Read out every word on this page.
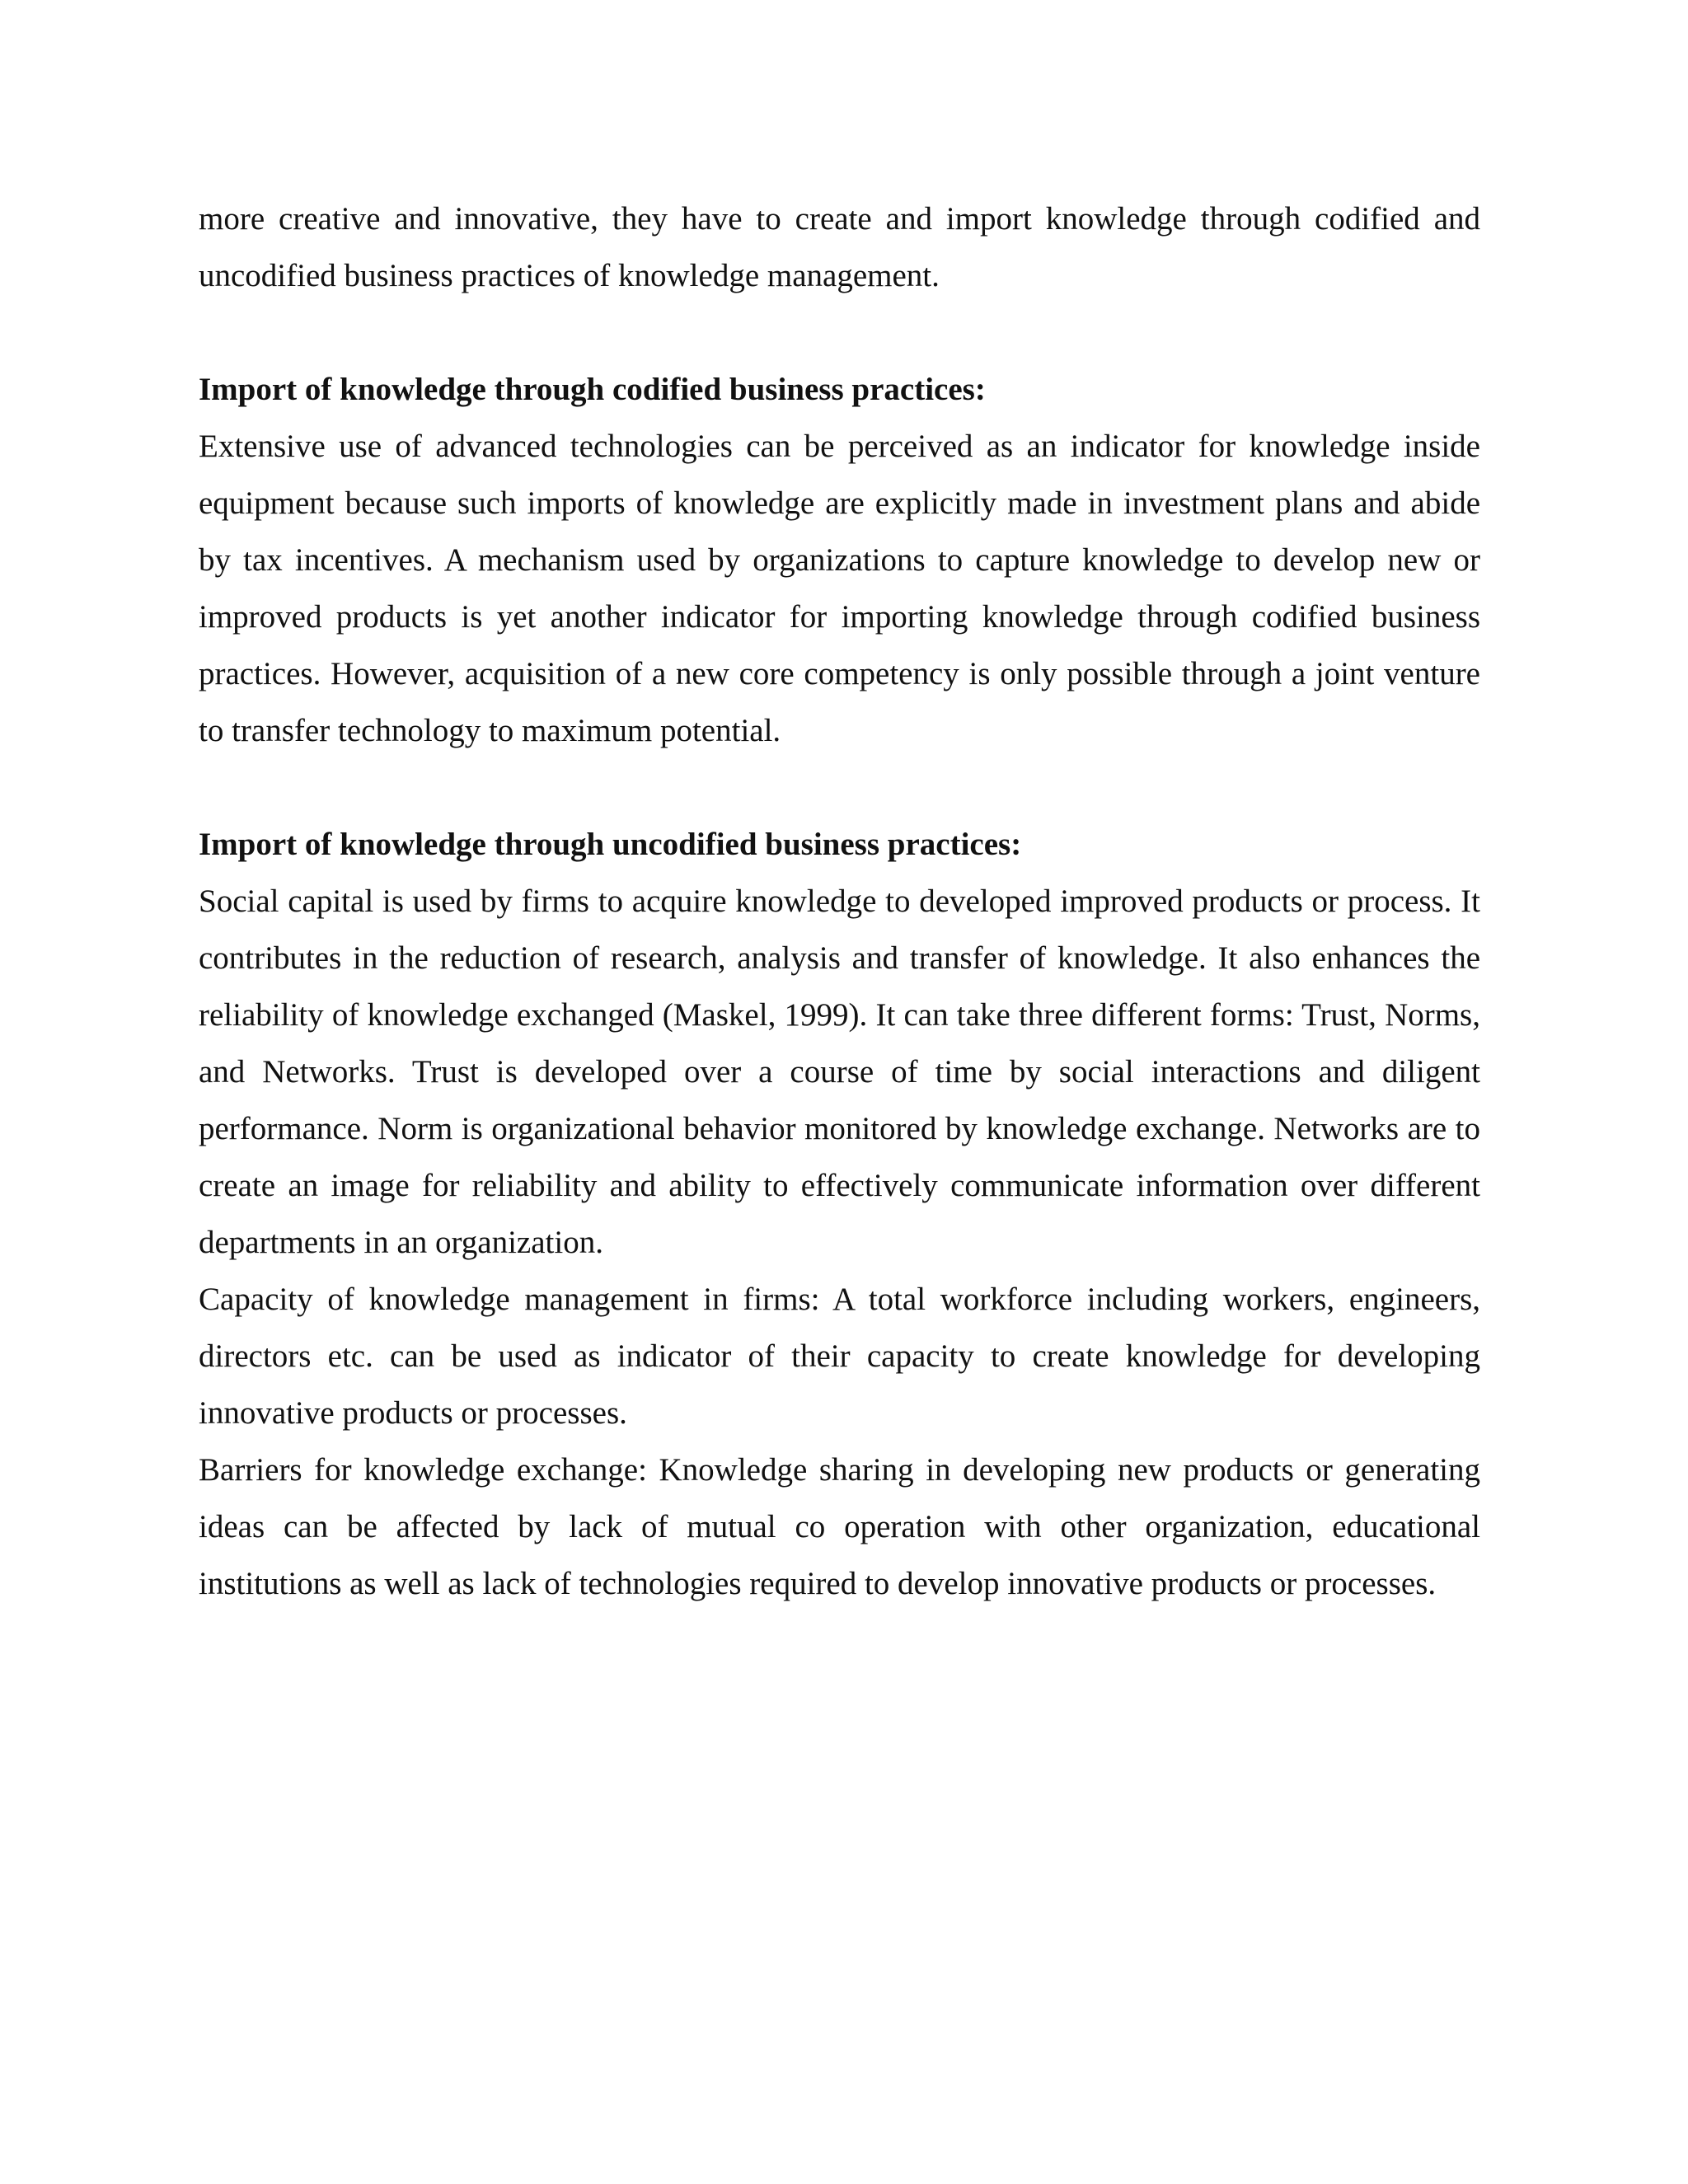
more creative and innovative, they have to create and import knowledge through codified and uncodified business practices of knowledge management.

Import of knowledge through codified business practices:

Extensive use of advanced technologies can be perceived as an indicator for knowledge inside equipment because such imports of knowledge are explicitly made in investment plans and abide by tax incentives. A mechanism used by organizations to capture knowledge to develop new or improved products is yet another indicator for importing knowledge through codified business practices. However, acquisition of a new core competency is only possible through a joint venture to transfer technology to maximum potential.

Import of knowledge through uncodified business practices:

Social capital is used by firms to acquire knowledge to developed improved products or process. It contributes in the reduction of research, analysis and transfer of knowledge. It also enhances the reliability of knowledge exchanged (Maskel, 1999). It can take three different forms: Trust, Norms, and Networks. Trust is developed over a course of time by social interactions and diligent performance. Norm is organizational behavior monitored by knowledge exchange. Networks are to create an image for reliability and ability to effectively communicate information over different departments in an organization.

Capacity of knowledge management in firms: A total workforce including workers, engineers, directors etc. can be used as indicator of their capacity to create knowledge for developing innovative products or processes.

Barriers for knowledge exchange: Knowledge sharing in developing new products or generating ideas can be affected by lack of mutual co operation with other organization, educational institutions as well as lack of technologies required to develop innovative products or processes.
